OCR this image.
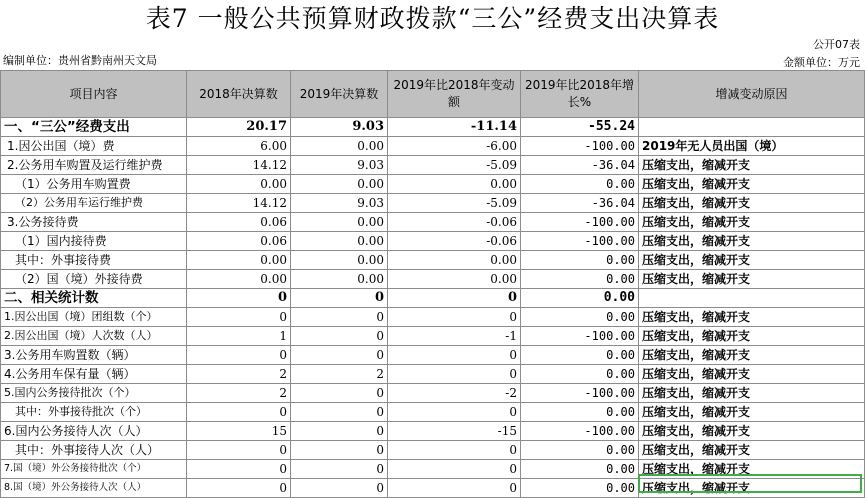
表7 一般公共预算财政拨款“三公”经费支出决算表
公开07表
编制单位：贵州省黔南州天文局	金额单位：万元
项目内容	2018年决算数	2019年决算数	2019年比2018年变动额	2019年比2018年增长%	增减变动原因
一、“三公”经费支出	20.17	9.03	-11.14	-55.24	
1.因公出国（境）费	6.00	0.00	-6.00	-100.00	2019年无人员出国（境）
2.公务用车购置及运行维护费	14.12	9.03	-5.09	-36.04	压缩支出，缩减开支
（1）公务用车购置费	0.00	0.00	0.00	0.00	压缩支出，缩减开支
（2）公务用车运行维护费	14.12	9.03	-5.09	-36.04	压缩支出，缩减开支
3.公务接待费	0.06	0.00	-0.06	-100.00	压缩支出，缩减开支
（1）国内接待费	0.06	0.00	-0.06	-100.00	压缩支出，缩减开支
其中：外事接待费	0.00	0.00	0.00	0.00	压缩支出，缩减开支
（2）国（境）外接待费	0.00	0.00	0.00	0.00	压缩支出，缩减开支
二、相关统计数	0	0	0	0.00	
1.因公出国（境）团组数（个）	0	0	0	0.00	压缩支出，缩减开支
2.因公出国（境）人次数（人）	1	0	-1	-100.00	压缩支出，缩减开支
3.公务用车购置数（辆）	0	0	0	0.00	压缩支出，缩减开支
4.公务用车保有量（辆）	2	2	0	0.00	压缩支出，缩减开支
5.国内公务接待批次（个）	2	0	-2	-100.00	压缩支出，缩减开支
其中：外事接待批次（个）	0	0	0	0.00	压缩支出，缩减开支
6.国内公务接待人次（人）	15	0	-15	-100.00	压缩支出，缩减开支
其中：外事接待人次（人）	0	0	0	0.00	压缩支出，缩减开支
7.国（境）外公务接待批次（个）	0	0	0	0.00	压缩支出，缩减开支
8.国（境）外公务接待人次（人）	0	0	0	0.00	压缩支出，缩减开支
